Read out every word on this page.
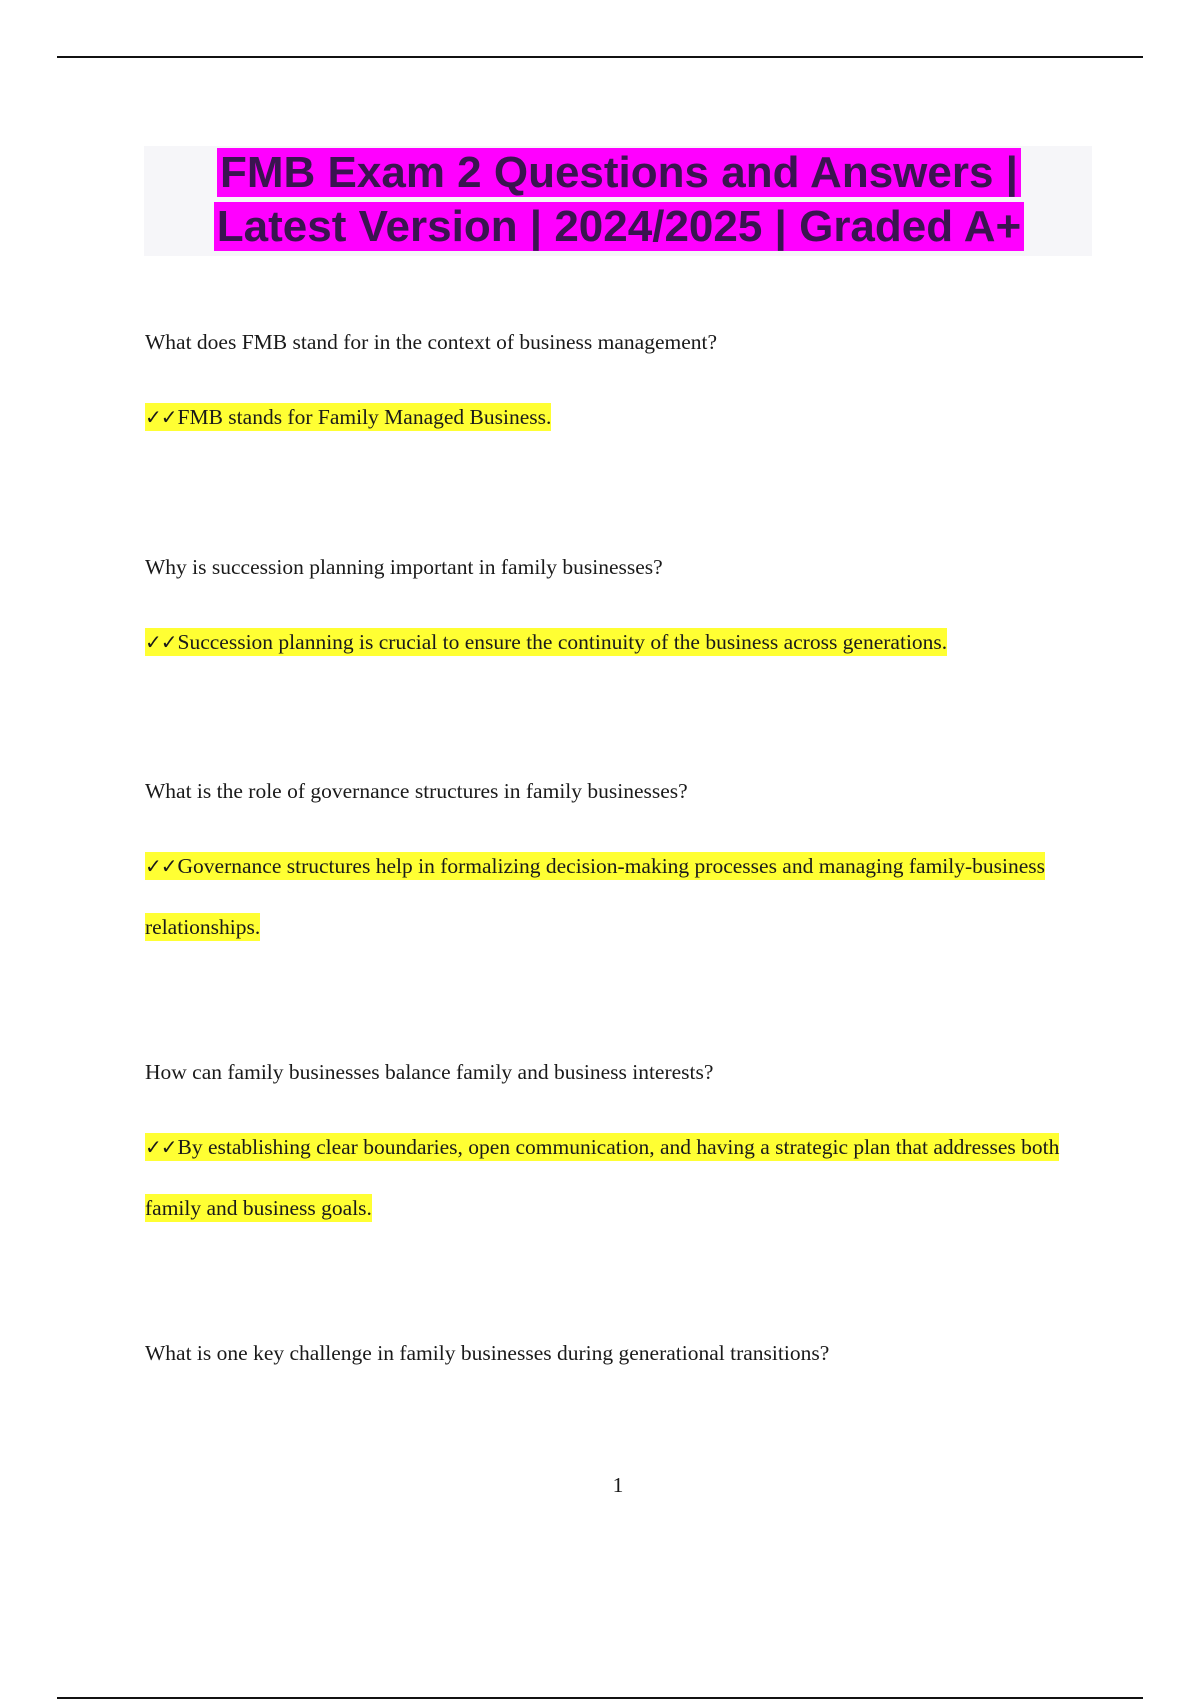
FMB Exam 2 Questions and Answers | Latest Version | 2024/2025 | Graded A+

What does FMB stand for in the context of business management?

✓✓FMB stands for Family Managed Business.

Why is succession planning important in family businesses?

✓✓Succession planning is crucial to ensure the continuity of the business across generations.

What is the role of governance structures in family businesses?

✓✓Governance structures help in formalizing decision-making processes and managing family-business relationships.

How can family businesses balance family and business interests?

✓✓By establishing clear boundaries, open communication, and having a strategic plan that addresses both family and business goals.

What is one key challenge in family businesses during generational transitions?

1
